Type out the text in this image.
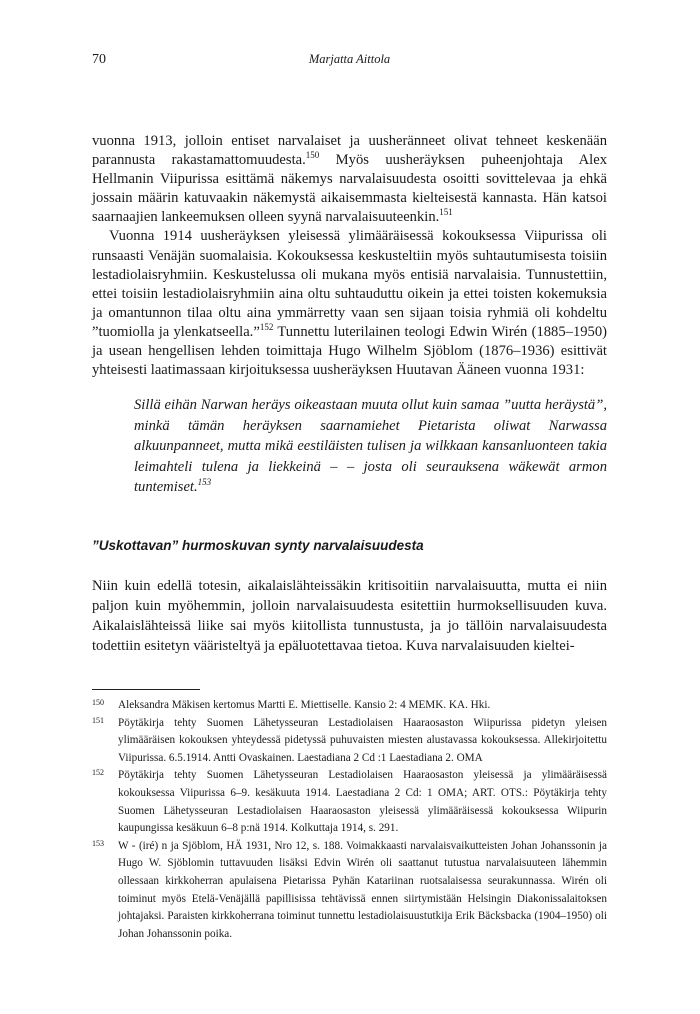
70	Marjatta Aittola

vuonna 1913, jolloin entiset narvalaiset ja uusheränneet olivat tehneet keskenään parannusta rakastamattomuudesta.$^{150}$ Myös uusheräyksen puheenjohtaja Alex Hellmanin Viipurissa esittämä näkemys narvalaisuudesta osoitti sovittelevaa ja ehkä jossain määrin katuvaakin näkemystä aikaisemmasta kielteisestä kannasta. Hän katsoi saarnaajien lankeemuksen olleen syynä narvalaisuuteenkin.$^{151}$

Vuonna 1914 uusheräyksen yleisessä ylimääräisessä kokouksessa Viipurissa oli runsaasti Venäjän suomalaisia. Kokouksessa keskusteltiin myös suhtautumisesta toisiin lestadiolaisryhmiin. Keskustelussa oli mukana myös entisiä narvalaisia. Tunnustettiin, ettei toisiin lestadiolaisryhmiin aina oltu suhtauduttu oikein ja ettei toisten kokemuksia ja omantunnon tilaa oltu aina ymmärretty vaan sen sijaan toisia ryhmiä oli kohdeltu ”tuomiolla ja ylenkatseella.”$^{152}$ Tunnettu luterilainen teologi Edwin Wirén (1885–1950) ja usean hengellisen lehden toimittaja Hugo Wilhelm Sjöblom (1876–1936) esittivät yhteisesti laatimassaan kirjoituksessa uusheräyksen Huutavan Ääneen vuonna 1931:

Sillä eihän Narwan heräys oikeastaan muuta ollut kuin samaa ”uutta heräystä”, minkä tämän heräyksen saarnamiehet Pietarista oliwat Narwassa alkuunpanneet, mutta mikä eestiläisten tulisen ja wilkkaan kansanluonteen takia leimahteli tulena ja liekkeinä – – josta oli seurauksena wäkewät armon tuntemiset.$^{153}$

”Uskottavan” hurmoskuvan synty narvalaisuudesta

Niin kuin edellä totesin, aikalaislähteissäkin kritisoitiin narvalaisuutta, mutta ei niin paljon kuin myöhemmin, jolloin narvalaisuudesta esitettiin hurmoksellisuuden kuva. Aikalaislähteissä liike sai myös kiitollista tunnustusta, ja jo tällöin narvalaisuudesta todettiin esitetyn vääristeltyä ja epäluotettavaa tietoa. Kuva narvalaisuuden kieltei-

150 Aleksandra Mäkisen kertomus Martti E. Miettiselle. Kansio 2: 4 MEMK. KA. Hki.

151 Pöytäkirja tehty Suomen Lähetysseuran Lestadiolaisen Haaraosaston Wiipurissa pidetyn yleisen ylimääräisen kokouksen yhteydessä pidetyssä puhuvaisten miesten alustavassa kokouksessa. Allekirjoitettu Viipurissa. 6.5.1914. Antti Ovaskainen. Laestadiana 2 Cd :1 Laestadiana 2. OMA

152 Pöytäkirja tehty Suomen Lähetysseuran Lestadiolaisen Haaraosaston yleisessä ja ylimääräisessä kokouksessa Viipurissa 6–9. kesäkuuta 1914. Laestadiana 2 Cd: 1 OMA; ART. OTS.: Pöytäkirja tehty Suomen Lähetysseuran Lestadiolaisen Haaraosaston yleisessä ylimääräisessä kokouksessa Wiipurin kaupungissa kesäkuun 6–8 p:nä 1914. Kolkuttaja 1914, s. 291.

153 W - (iré) n ja Sjöblom, HÄ 1931, Nro 12, s. 188. Voimakkaasti narvalaisvaikutteisten Johan Johanssonin ja Hugo W. Sjöblomin tuttavuuden lisäksi Edvin Wirén oli saattanut tutustua narvalaisuuteen lähemmin ollessaan kirkkoherran apulaisena Pietarissa Pyhän Katariinan ruotsalaisessa seurakunnassa. Wirén oli toiminut myös Etelä-Venäjällä papillisissa tehtävissä ennen siirtymistään Helsingin Diakonissalaitoksen johtajaksi. Paraisten kirkkoherrana toiminut tunnettu lestadiolaisuustutkija Erik Bäcksbacka (1904–1950) oli Johan Johanssonin poika.
